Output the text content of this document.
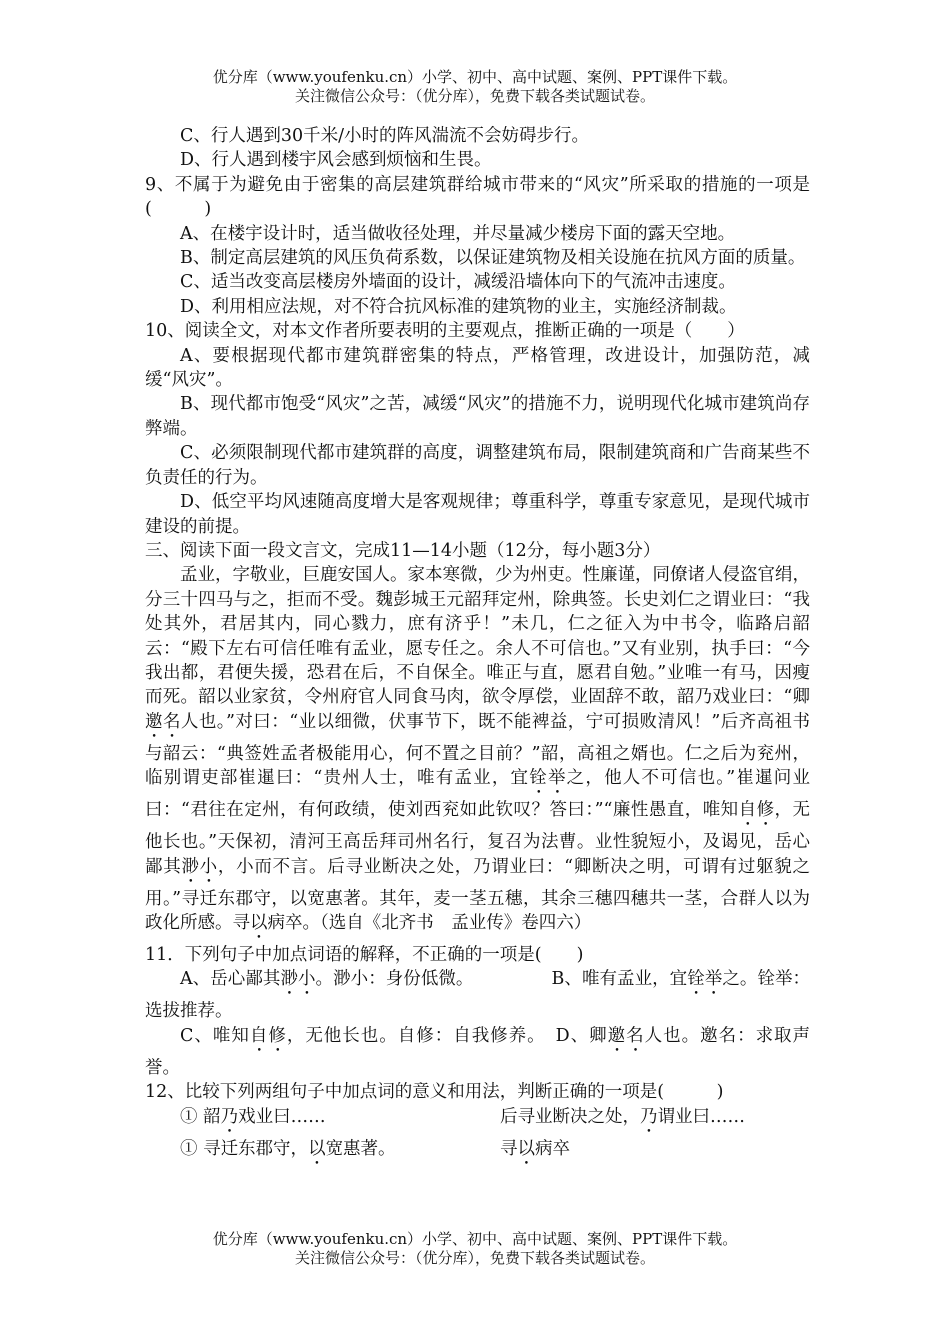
优分库（www.youfenku.cn）小学、初中、高中试题、案例、PPT课件下载。
关注微信公众号：（优分库），免费下载各类试题试卷。

C、行人遇到30千米/小时的阵风湍流不会妨碍步行。

D、行人遇到楼宇风会感到烦恼和生畏。

9、不属于为避免由于密集的高层建筑群给城市带来的“风灾”所采取的措施的一项是(　　　)

A、在楼宇设计时，适当做收径处理，并尽量减少楼房下面的露天空地。

B、制定高层建筑的风压负荷系数，以保证建筑物及相关设施在抗风方面的质量。

C、适当改变高层楼房外墙面的设计，减缓沿墙体向下的气流冲击速度。

D、利用相应法规，对不符合抗风标准的建筑物的业主，实施经济制裁。

10、阅读全文，对本文作者所要表明的主要观点，推断正确的一项是（　　）

A、要根据现代都市建筑群密集的特点，严格管理，改进设计，加强防范，减缓“风灾”。

B、现代都市饱受“风灾”之苦，减缓“风灾”的措施不力，说明现代化城市建筑尚存弊端。

C、必须限制现代都市建筑群的高度，调整建筑布局，限制建筑商和广告商某些不负责任的行为。

D、低空平均风速随高度增大是客观规律；尊重科学，尊重专家意见，是现代城市建设的前提。

三、阅读下面一段文言文，完成11—14小题（12分，每小题3分）

孟业，字敬业，巨鹿安国人。家本寒微，少为州吏。性廉谨，同僚诸人侵盗官绢，分三十四马与之，拒而不受。魏彭城王元韶拜定州，除典签。长史刘仁之谓业曰：“我处其外，君居其内，同心戮力，庶有济乎！”未几，仁之征入为中书令，临路启韶云：“殿下左右可信任唯有孟业，愿专任之。余人不可信也。”又有业别，执手曰：“今我出都，君便失援，恐君在后，不自保全。唯正与直，愿君自勉。”业唯一有马，因瘦而死。韶以业家贫，令州府官人同食马肉，欲令厚偿，业固辞不敢，韶乃戏业曰：“卿邀名人也。”对曰：“业以细微，伏事节下，既不能裨益，宁可损败清风！”后齐高祖书与韶云：“典签姓孟者极能用心，何不置之目前？”韶，高祖之婿也。仁之后为兖州，临别谓吏部崔暹曰：“贵州人士，唯有孟业，宜铨举之，他人不可信也。”崔暹问业曰：“君往在定州，有何政绩，使刘西兖如此钦叹？答曰：”“廉性愚直，唯知自修，无他长也。”天保初，清河王高岳拜司州名行，复召为法曹。业性貌短小，及谒见，岳心鄙其渺小，小而不言。后寻业断决之处，乃谓业曰：“卿断决之明，可谓有过躯貌之用。”寻迁东郡守，以宽惠著。其年，麦一茎五穗，其余三穗四穗共一茎，合群人以为政化所感。寻以病卒。（选自《北齐书　孟业传》卷四六）

11．下列句子中加点词语的解释，不正确的一项是(　　)

A、岳心鄙其渺小。渺小：身份低微。	B、唯有孟业，宜铨举之。铨举：选拔推荐。

C、唯知自修，无他长也。自修：自我修养。 D、卿邀名人也。邀名：求取声誉。

12、比较下列两组句子中加点词的意义和用法，判断正确的一项是(　　　)

① 韶乃戏业曰……	后寻业断决之处，乃谓业曰……
① 寻迁东郡守，以宽惠著。	寻以病卒
优分库（www.youfenku.cn）小学、初中、高中试题、案例、PPT课件下载。
关注微信公众号：（优分库），免费下载各类试题试卷。
